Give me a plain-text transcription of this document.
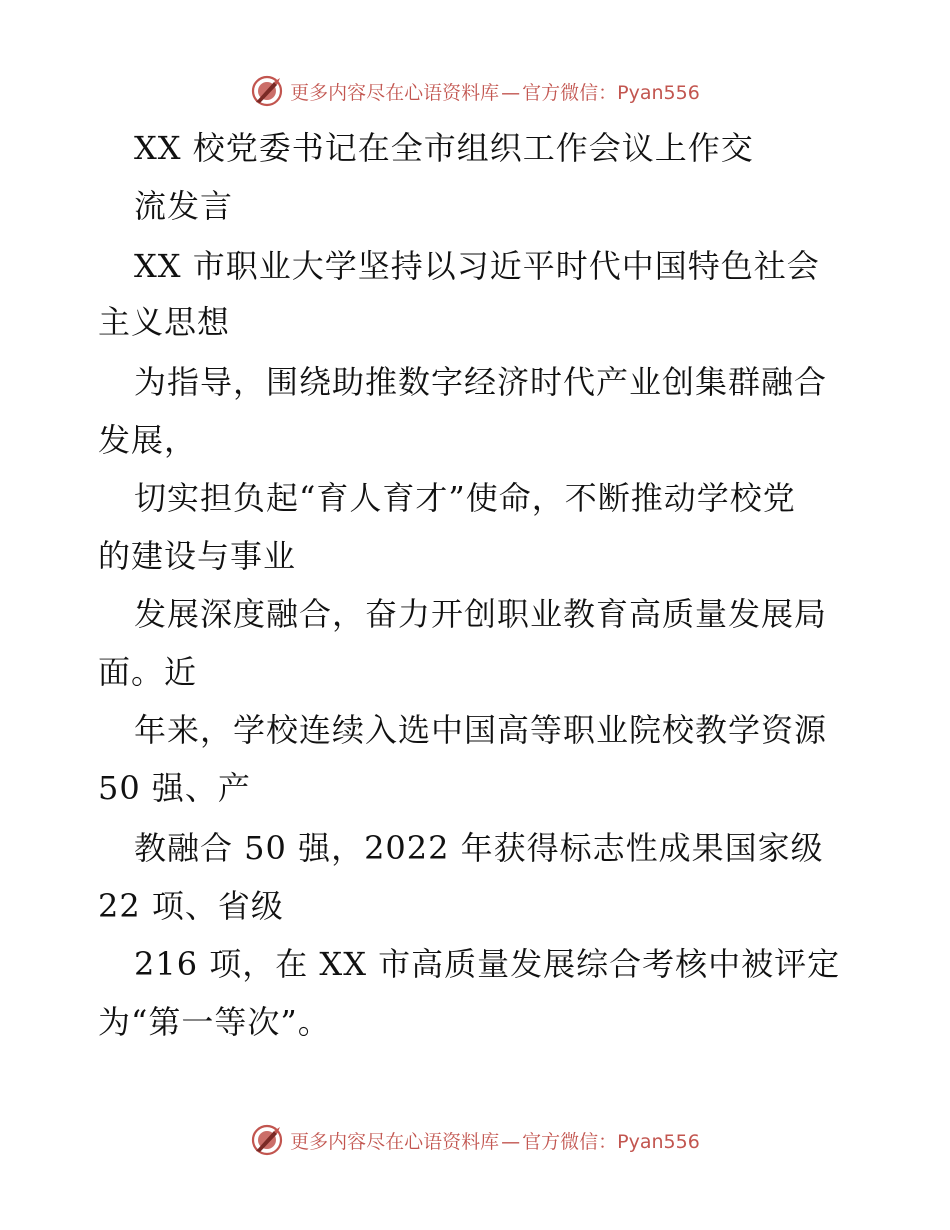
更多内容尽在心语资料库 — 官方微信：Pyan556
XX 校党委书记在全市组织工作会议上作交
流发言
XX 市职业大学坚持以习近平时代中国特色社会
主义思想
为指导，围绕助推数字经济时代产业创集群融合
发展，
切实担负起“育人育才”使命，不断推动学校党
的建设与事业
发展深度融合，奋力开创职业教育高质量发展局
面。近
年来，学校连续入选中国高等职业院校教学资源
50 强、产
教融合 50 强，2022 年获得标志性成果国家级
22 项、省级
216 项，在 XX 市高质量发展综合考核中被评定
为“第一等次”。
更多内容尽在心语资料库 — 官方微信：Pyan556
